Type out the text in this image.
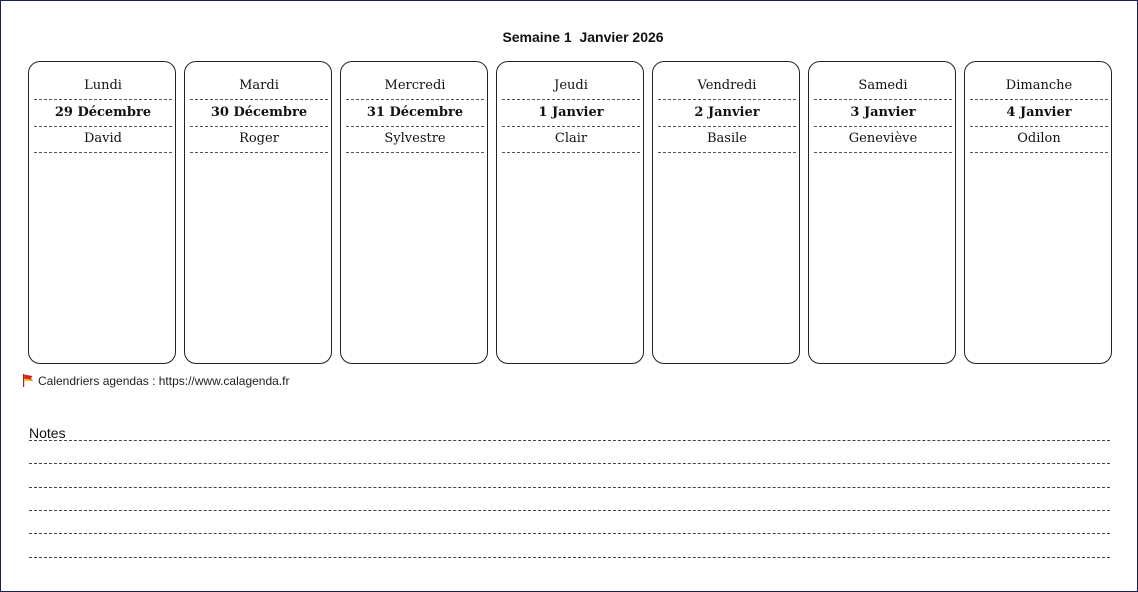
Semaine 1  Janvier 2026
Lundi
29 Décembre
David
Mardi
30 Décembre
Roger
Mercredi
31 Décembre
Sylvestre
Jeudi
1 Janvier
Clair
Vendredi
2 Janvier
Basile
Samedi
3 Janvier
Geneviève
Dimanche
4 Janvier
Odilon
Calendriers agendas : https://www.calagenda.fr
Notes
